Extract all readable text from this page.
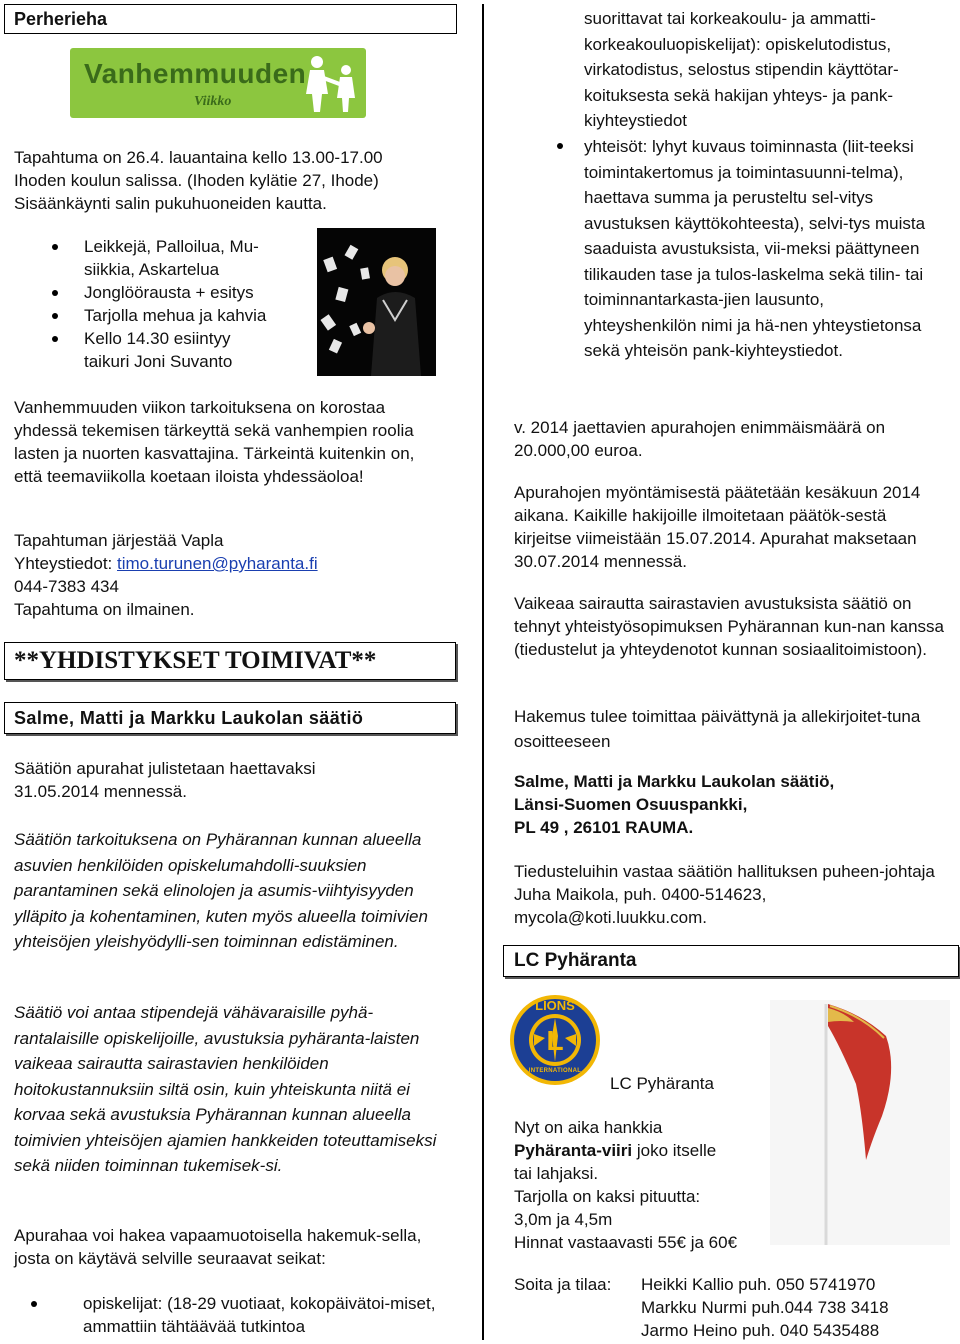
Perherieha
Vanhemmuuden
Viikko

Tapahtuma on 26.4. lauantaina kello 13.00-17.00

Ihoden koulun salissa. (Ihoden kylätie 27, Ihode)

Sisäänkäynti salin pukuhuoneiden kautta.

Leikkejä, Palloilua, Mu-siikkia, Askartelua
Jonglöörausta + esitys
Tarjolla mehua ja kahvia
Kello 14.30 esiintyy taikuri Joni Suvanto

Vanhemmuuden viikon tarkoituksena on korostaa yhdessä tekemisen tärkeyttä sekä vanhempien roolia lasten ja nuorten kasvattajina. Tärkeintä kuitenkin on, että teemaviikolla koetaan iloista yhdessäoloa!

Tapahtuman järjestää Vapla

Yhteystiedot: timo.turunen@pyharanta.fi

044-7383 434

Tapahtuma on ilmainen.

**YHDISTYKSET TOIMIVAT**
Salme, Matti ja Markku Laukolan säätiö

Säätiön apurahat julistetaan haettavaksi 31.05.2014 mennessä.

Säätiön tarkoituksena on Pyhärannan kunnan alueella asuvien henkilöiden opiskelumahdolli-suuksien parantaminen sekä elinolojen ja asumis-viihtyisyyden ylläpito ja kohentaminen, kuten myös alueella toimivien yhteisöjen yleishyödylli-sen toiminnan edistäminen.

Säätiö voi antaa stipendejä vähävaraisille pyhä-rantalaisille opiskelijoille, avustuksia pyhäranta-laisten vaikeaa sairautta sairastavien henkilöiden hoitokustannuksiin siltä osin, kuin yhteiskunta niitä ei korvaa sekä avustuksia Pyhärannan kunnan alueella toimivien yhteisöjen ajamien hankkeiden toteuttamiseksi sekä niiden toiminnan tukemisek-si.

Apurahaa voi hakea vapaamuotoisella hakemuk-sella, josta on käytävä selville seuraavat seikat:

opiskelijat: (18-29 vuotiaat, kokopäivätoi-miset, ammattiin tähtäävää tutkintoa

suorittavat tai korkeakoulu- ja ammatti-korkeakouluopiskelijat): opiskelutodistus, virkatodistus, selostus stipendin käyttötar-koituksesta sekä hakijan yhteys- ja pank-kiyhteystiedot

yhteisöt: lyhyt kuvaus toiminnasta (liit-teeksi toimintakertomus ja toimintasuunni-telma), haettava summa ja perusteltu sel-vitys avustuksen käyttökohteesta), selvi-tys muista saaduista avustuksista, vii-meksi päättyneen tilikauden tase ja tulos-laskelma sekä tilin- tai toiminnantarkasta-jien lausunto, yhteyshenkilön nimi ja hä-nen yhteystietonsa sekä yhteisön pank-kiyhteystiedot.

v. 2014 jaettavien apurahojen enimmäismäärä on 20.000,00 euroa.

Apurahojen myöntämisestä päätetään kesäkuun 2014 aikana. Kaikille hakijoille ilmoitetaan päätök-sestä kirjeitse viimeistään 15.07.2014. Apurahat maksetaan 30.07.2014 mennessä.

Vaikeaa sairautta sairastavien avustuksista säätiö on tehnyt yhteistyösopimuksen Pyhärannan kun-nan kanssa (tiedustelut ja yhteydenotot kunnan sosiaalitoimistoon).

Hakemus tulee toimittaa päivättynä ja allekirjoitet-tuna osoitteeseen

Salme, Matti ja Markku Laukolan säätiö,

Länsi-Suomen Osuuspankki,

PL 49 , 26101 RAUMA.

Tiedusteluihin vastaa säätiön hallituksen puheen-johtaja Juha Maikola, puh. 0400-514623, mycola@koti.luukku.com.

LC Pyhäranta
LIONS
L
INTERNATIONAL
LC Pyhäranta

Nyt on aika hankkia

Pyhäranta-viiri joko itselle

tai lahjaksi.

Tarjolla on kaksi pituutta:

3,0m ja 4,5m

Hinnat vastaavasti 55€ ja 60€

Soita ja tilaa:	Heikki Kallio puh. 050 5741970
Markku Nurmi puh.044 738 3418
Jarmo Heino puh. 040 5435488
